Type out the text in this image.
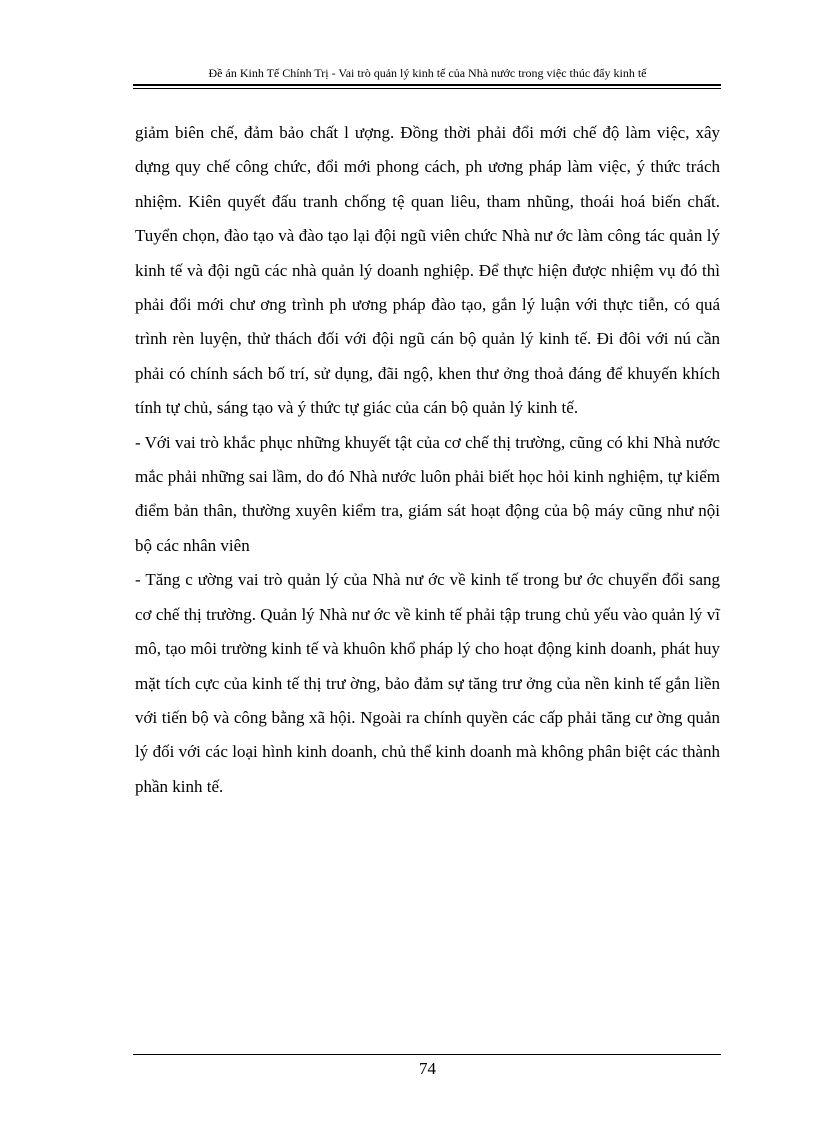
Đề án Kinh Tế Chính Trị - Vai trò quản lý kinh tế của Nhà nước trong việc thúc đẩy kinh tế

giảm biên chế, đảm bảo chất l ượng. Đồng thời phải đổi mới chế độ làm việc, xây dựng quy chế công chức, đổi mới phong cách, ph ương pháp làm việc, ý thức trách nhiệm. Kiên quyết đấu tranh chống tệ quan liêu, tham nhũng, thoái hoá biến chất. Tuyển chọn, đào tạo và đào tạo lại đội ngũ viên chức Nhà nư ớc làm công tác quản lý kinh tế và đội ngũ các nhà quản lý doanh nghiệp. Để thực hiện được nhiệm vụ đó thì phải đổi mới chư ơng trình ph ương pháp đào tạo, gắn lý luận với thực tiễn, có quá trình rèn luyện, thử thách đối với đội ngũ cán bộ quản lý kinh tế. Đi đôi với nú cần phải có chính sách bố trí, sử dụng, đãi ngộ, khen thư ởng thoả đáng để khuyến khích tính tự chủ, sáng tạo và ý thức tự giác của cán bộ quản lý kinh tế.

- Với vai trò khắc phục những khuyết tật của cơ chế thị trường, cũng có khi Nhà nước mắc phải những sai lầm, do đó Nhà nước luôn phải biết học hỏi kinh nghiệm, tự kiểm điểm bản thân, thường xuyên kiểm tra, giám sát hoạt động của bộ máy cũng như nội bộ các nhân viên

- Tăng c ường vai trò quản lý của Nhà nư ớc về kinh tế trong bư ớc chuyển đổi sang cơ chế thị trường. Quản lý Nhà nư ớc về kinh tế phải tập trung chủ yếu vào quản lý vĩ mô, tạo môi trường kinh tế và khuôn khổ pháp lý cho hoạt động kinh doanh, phát huy mặt tích cực của kinh tế thị trư ờng, bảo đảm sự tăng trư ởng của nền kinh tế gắn liền với tiến bộ và công bằng xã hội. Ngoài ra chính quyền các cấp phải tăng cư ờng quản lý đối với các loại hình kinh doanh, chủ thể kinh doanh mà không phân biệt các thành phần kinh tế.

74
